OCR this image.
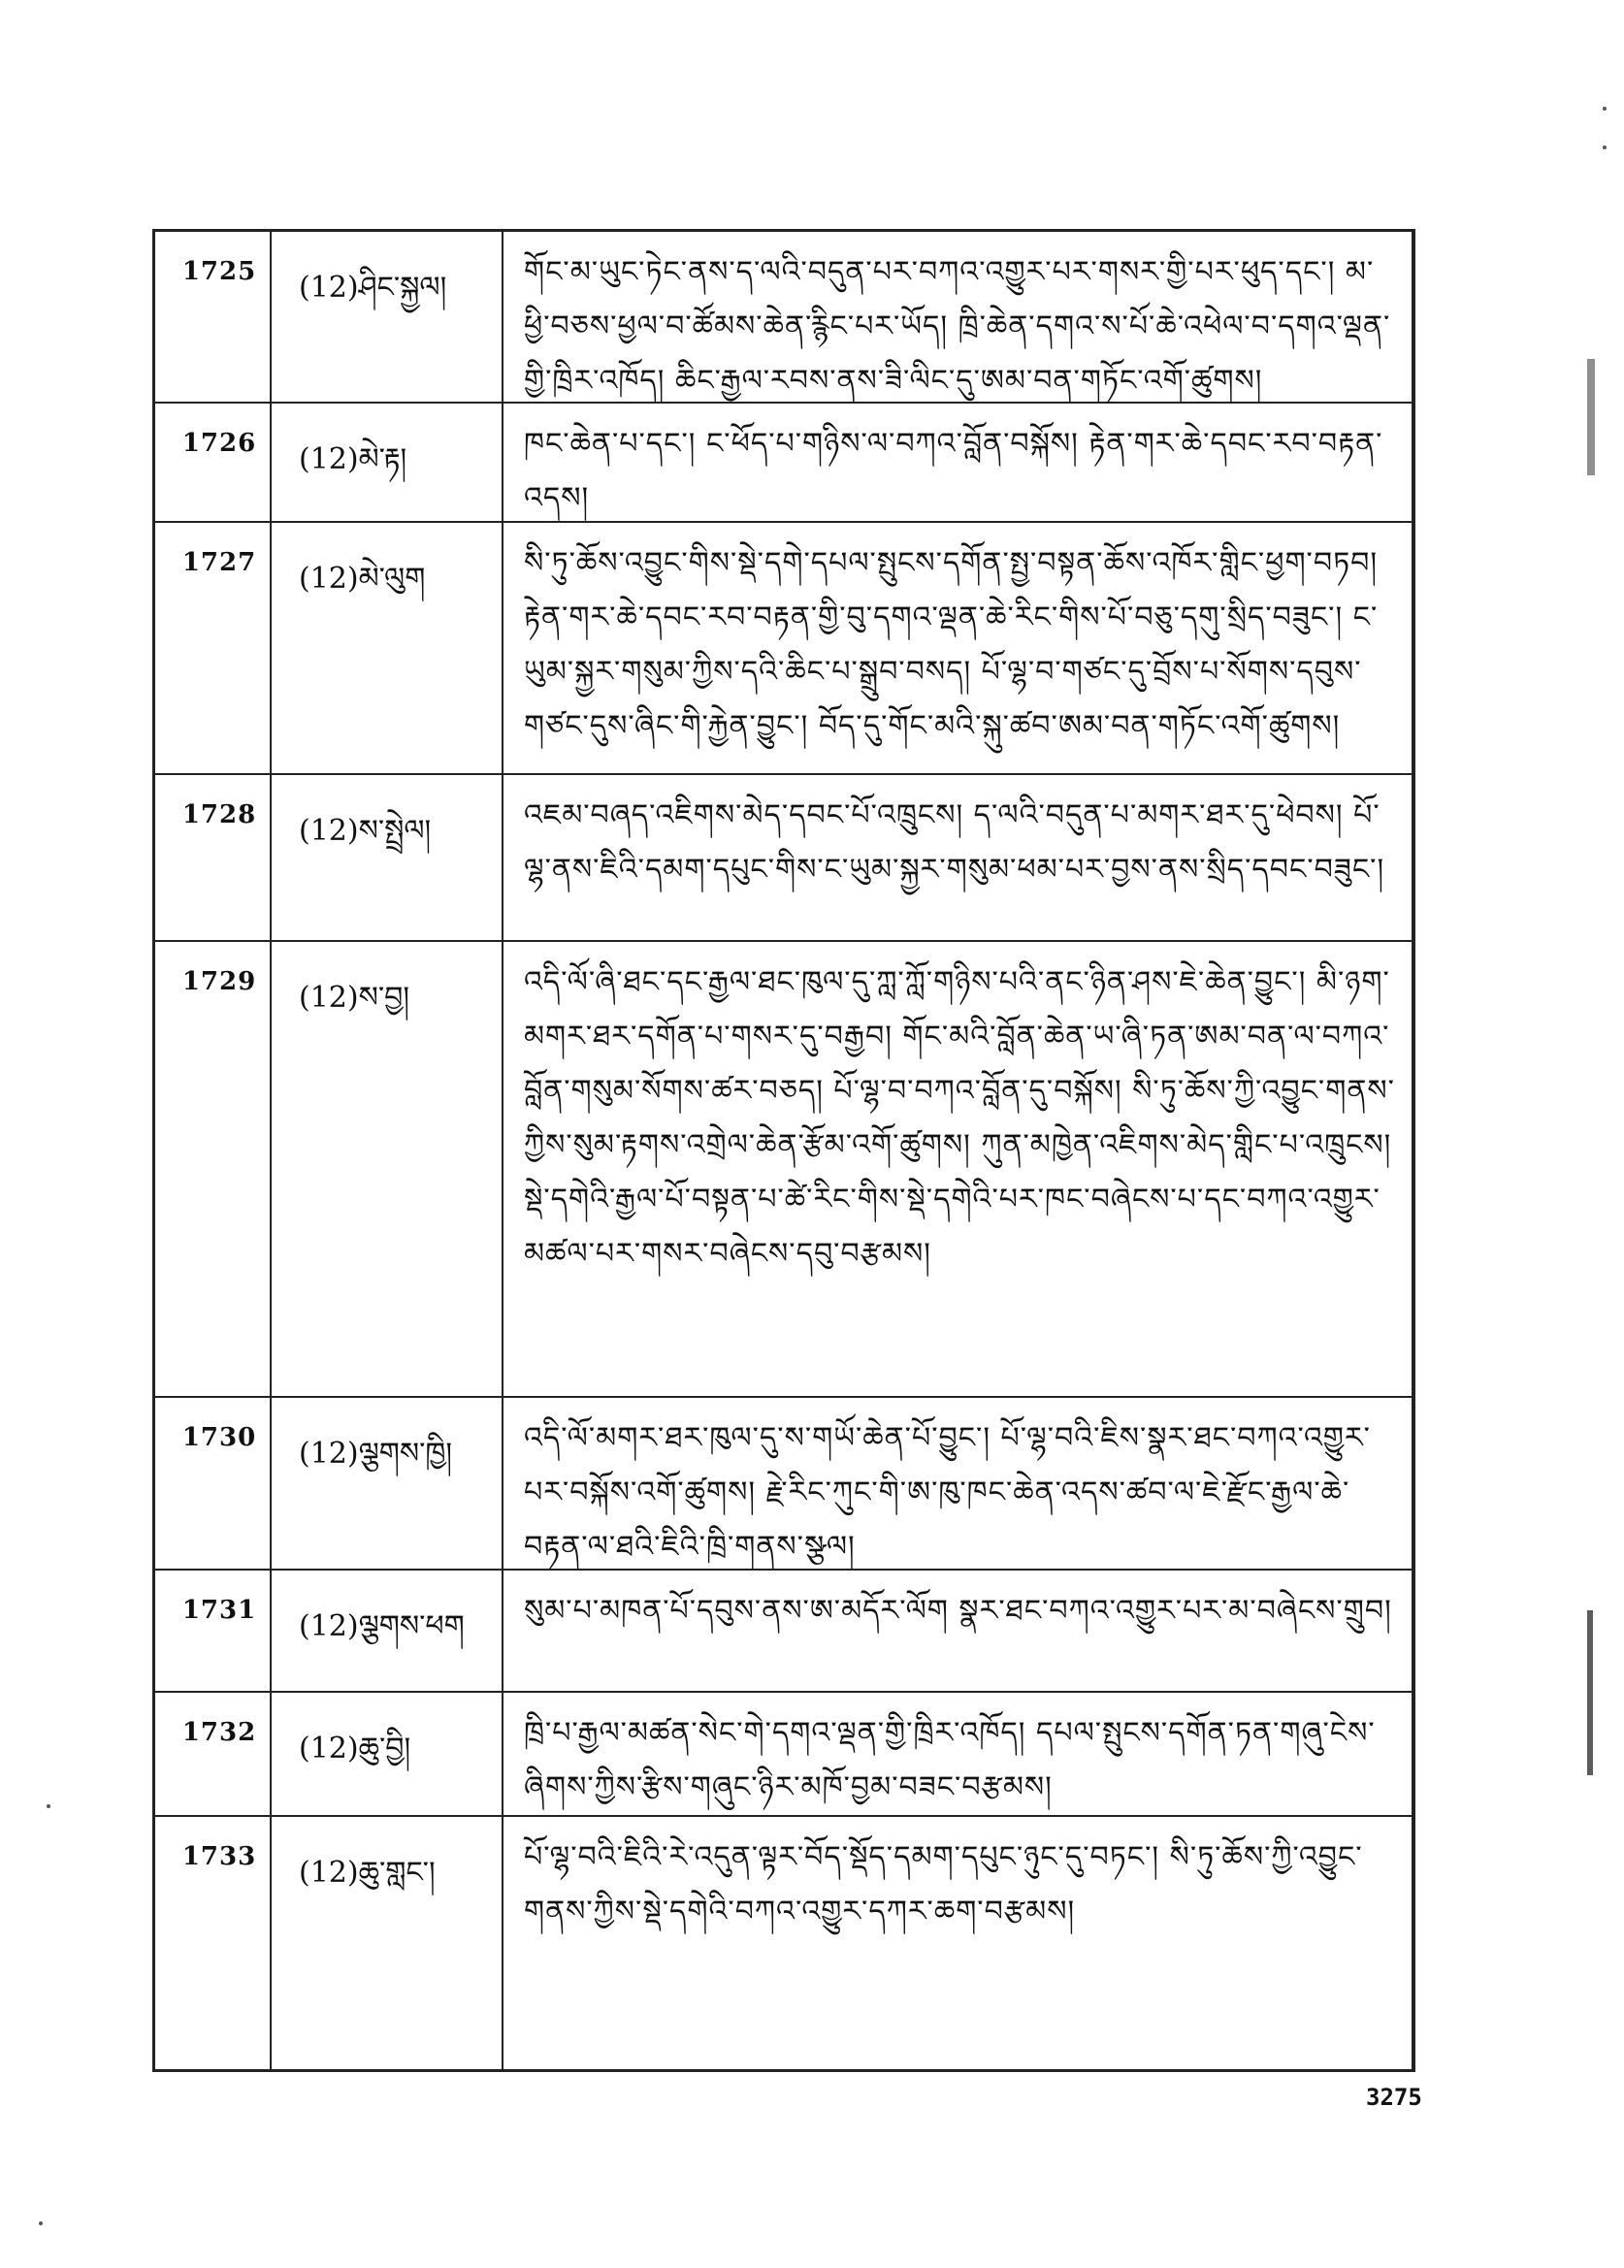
1725	(12)ཤིང་སྐྱལ།	གོང་མ་ཡུང་ཏེང་ནས་ད་ལའི་བདུན་པར་བཀའ་འགྱུར་པར་གསར་གྱི་པར་ཕུད་དང་། མ་ཕྱི་བཅས་ཕྱལ་བ་ཚོམས་ཆེན་རྙིང་པར་ཡོད། ཁྲི་ཆེན་དགའ་ས་པོ་ཆེ་འཕེལ་བ་དགའ་ལྡན་གྱི་ཁྲིར་འཁོད། ཆིང་རྒྱལ་རབས་ནས་ཟི་ལིང་དུ་ཨམ་བན་གཏོང་འགོ་ཚུགས།
1726	(12)མེ་རྟ།	ཁང་ཆེན་པ་དང་། ང་ཕོད་པ་གཉིས་ལ་བཀའ་བློན་བསྐོས། རྟེན་གར་ཆེ་དབང་རབ་བརྟན་འདས།
1727	(12)མེ་ལུག	སི་ཏུ་ཆོས་འབྱུང་གིས་སྡེ་དགེ་དཔལ་སྤུངས་དགོན་སྤྱ་བསྟན་ཆོས་འཁོར་གླིང་ཕྱག་བཏབ། རྟེན་གར་ཆེ་དབང་རབ་བརྟན་གྱི་བུ་དགའ་ལྡན་ཆེ་རིང་གིས་པོ་བཅུ་དགུ་སྲིད་བཟུང་། ང་ཡུམ་སྐྱར་གསུམ་ཀྱིས་དའི་ཆིང་པ་སྒྲུབ་བསད། པོ་ལྷ་བ་གཙང་དུ་བྲོས་པ་སོགས་དབུས་གཙང་དུས་ཞིང་གི་རྐྱེན་བྱུང་། བོད་དུ་གོང་མའི་སྐུ་ཚབ་ཨམ་བན་གཏོང་འགོ་ཚུགས།
1728	(12)ས་སྤྲེལ།	འཇམ་བཞད་འཇིགས་མེད་དབང་པོ་འཁྲུངས། ད་ལའི་བདུན་པ་མགར་ཐར་དུ་ཕེབས། པོ་ལྷ་ནས་ཇིའི་དམག་དཔུང་གིས་ང་ཡུམ་སྐྱར་གསུམ་ཕམ་པར་བྱས་ནས་སྲིད་དབང་བཟུང་།
1729	(12)ས་བྱ།	འདི་ལོ་ཞི་ཐང་དང་རྒྱལ་ཐང་ཁུལ་དུ་ཀླ་ཀློ་གཉིས་པའི་ནང་ཉིན་ཤས་ཇེ་ཆེན་བྱུང་། མི་ཉག་མགར་ཐར་དགོན་པ་གསར་དུ་བརྒྱབ། གོང་མའི་བློན་ཆེན་ཡ་ཞི་ཏན་ཨམ་བན་ལ་བཀའ་བློན་གསུམ་སོགས་ཚར་བཅད། པོ་ལྷ་བ་བཀའ་བློན་དུ་བསྐོས། སི་ཏུ་ཆོས་ཀྱི་འབྱུང་གནས་ཀྱིས་སུམ་རྟགས་འགྲེལ་ཆེན་རྩོམ་འགོ་ཚུགས། ཀུན་མཁྱེན་འཇིགས་མེད་གླིང་པ་འཁྲུངས། སྡེ་དགེའི་རྒྱལ་པོ་བསྟན་པ་ཚེ་རིང་གིས་སྡེ་དགེའི་པར་ཁང་བཞེངས་པ་དང་བཀའ་འགྱུར་མཚལ་པར་གསར་བཞེངས་དབུ་བརྩམས།
1730	(12)ལྕགས་ཁྱི།	འདི་ལོ་མགར་ཐར་ཁུལ་དུ་ས་གཡོ་ཆེན་པོ་བྱུང་། པོ་ལྷ་བའི་ཇིས་སྣར་ཐང་བཀའ་འགྱུར་པར་བསྐོས་འགོ་ཚུགས། རྗེ་རིང་ཀུང་གི་ཨ་ཁུ་ཁང་ཆེན་འདས་ཚབ་ལ་ཇེ་རྫོང་རྒྱལ་ཆེ་བརྟན་ལ་ཐའི་ཇིའི་ཁྲི་གནས་སྩལ།
1731	(12)ལྕགས་ཕག	སུམ་པ་མཁན་པོ་དབུས་ནས་ཨ་མདོར་ལོག སྣར་ཐང་བཀའ་འགྱུར་པར་མ་བཞེངས་གྲུབ།
1732	(12)ཆུ་བྱི།	ཁྲི་པ་རྒྱལ་མཚན་སེང་གེ་དགའ་ལྡན་གྱི་ཁྲིར་འཁོད། དཔལ་སྤུངས་དགོན་ཏན་གཞུ་ངེས་ཞིགས་ཀྱིས་རྩིས་གཞུང་ཉིར་མཁོ་བྱམ་བཟང་བརྩམས།
1733	(12)ཆུ་གླང་།	པོ་ལྷ་བའི་ཇིའི་རེ་འདུན་ལྟར་བོད་སྡོད་དམག་དཔུང་ཉུང་དུ་བཏང་། སི་ཏུ་ཆོས་ཀྱི་འབྱུང་གནས་ཀྱིས་སྡེ་དགེའི་བཀའ་འགྱུར་དཀར་ཆག་བརྩམས།
3275
